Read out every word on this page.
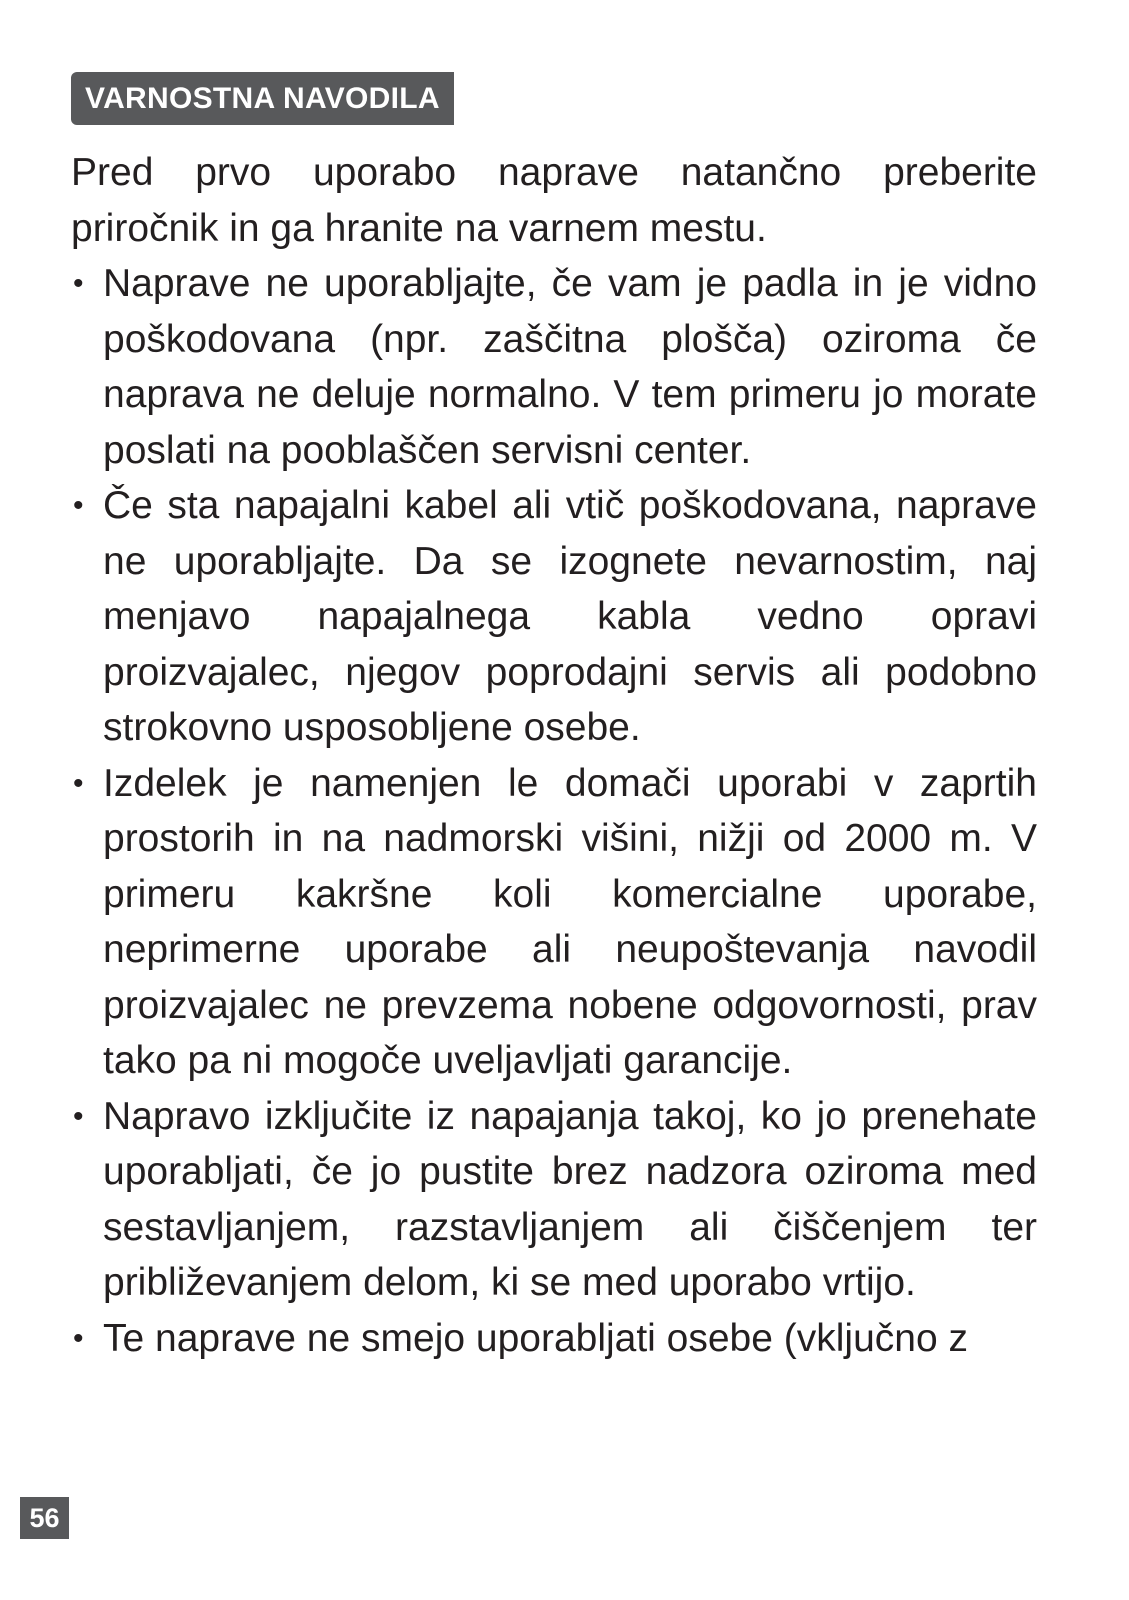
VARNOSTNA NAVODILA

Pred prvo uporabo naprave natančno preberite priročnik in ga hranite na varnem mestu.

• Naprave ne uporabljajte, če vam je padla in je vidno poškodovana (npr. zaščitna plošča) oziroma če naprava ne deluje normalno. V tem primeru jo morate poslati na pooblaščen servisni center.
• Če sta napajalni kabel ali vtič poškodovana, naprave ne uporabljajte. Da se izognete nevarnostim, naj menjavo napajalnega kabla vedno opravi proizvajalec, njegov poprodajni servis ali podobno strokovno usposobljene osebe.
• Izdelek je namenjen le domači uporabi v zaprtih prostorih in na nadmorski višini, nižji od 2000 m. V primeru kakršne koli komercialne uporabe, neprimerne uporabe ali neupoštevanja navodil proizvajalec ne prevzema nobene odgovornosti, prav tako pa ni mogoče uveljavljati garancije.
• Napravo izključite iz napajanja takoj, ko jo prenehate uporabljati, če jo pustite brez nadzora oziroma med sestavljanjem, razstavljanjem ali čiščenjem ter približevanjem delom, ki se med uporabo vrtijo.
• Te naprave ne smejo uporabljati osebe (vključno z
56
